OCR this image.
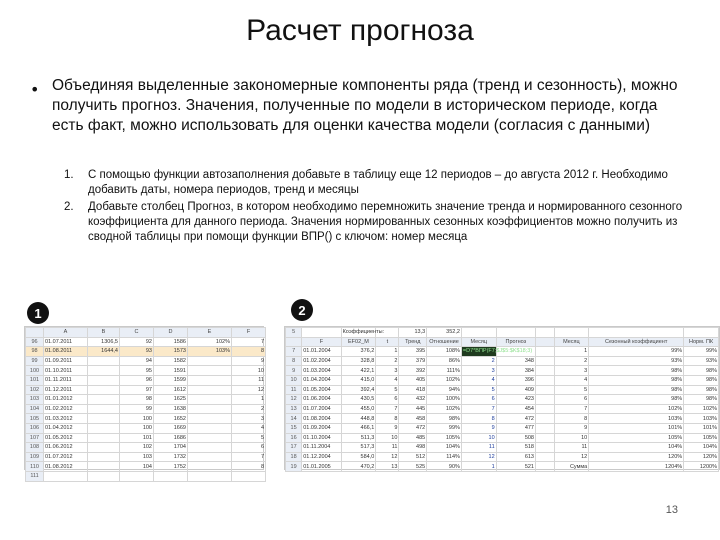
Расчет прогноза
• Объединяя выделенные закономерные компоненты ряда (тренд и сезонность), можно получить прогноз. Значения, полученные по модели в историческом периоде, когда есть факт, можно использовать для оценки качества модели (согласия с данными)
1.	С помощью функции автозаполнения добавьте в таблицу еще 12 периодов – до августа 2012 г. Необходимо добавить даты, номера периодов, тренд и месяцы
2.	Добавьте столбец Прогноз, в котором необходимо перемножить значение тренда и нормированного сезонного коэффициента для данного периода. Значения нормированных сезонных коэффициентов можно получить из сводной таблицы при помощи функции ВПР() с ключом: номер месяца
1	2
	A	B	C	D	E	F
96	01.07.2011	1306,5	92	1586	102%	7
98	01.08.2011	1644,4	93	1573	103%	8
99	01.09.2011		94	1582		9
100	01.10.2011		95	1591		10
101	01.11.2011		96	1599		11
102	01.12.2011		97	1612		12
103	01.01.2012		98	1625		1
104	01.02.2012		99	1638		2
105	01.03.2012		100	1652		3
106	01.04.2012		100	1669		4
107	01.05.2012		101	1686		5
108	01.06.2012		102	1704		6
109	01.07.2012		103	1732		7
110	01.08.2012		104	1752		8
111						
5		Коэффициенты:		13,3	352,2						
	F	EF02_M	t	Тренд	Отношение	Месяц	Прогноз		Месяц	Сезонный коэффициент	Норм. ПК
7	01.01.2004	376,2	1	395	108%	=D7*ВПР(F7;$J$5:$K$18;3)			1	99%	99%
8	01.02.2004	328,8	2	379	86%	2	348		2	93%	93%
9	01.03.2004	422,1	3	392	111%	3	384		3	98%	98%
10	01.04.2004	415,0	4	405	102%	4	396		4	98%	98%
11	01.05.2004	392,4	5	418	94%	5	409		5	98%	98%
12	01.06.2004	430,5	6	432	100%	6	423		6	98%	98%
13	01.07.2004	455,0	7	445	102%	7	454		7	102%	102%
14	01.08.2004	448,8	8	458	98%	8	472		8	103%	103%
15	01.09.2004	466,1	9	472	99%	9	477		9	101%	101%
16	01.10.2004	511,3	10	485	105%	10	508		10	105%	105%
17	01.11.2004	517,3	11	498	104%	11	518		11	104%	104%
18	01.12.2004	584,0	12	512	114%	12	613		12	120%	120%
19	01.01.2005	470,2	13	525	90%	1	521		Сумма	1204%	1200%
13
